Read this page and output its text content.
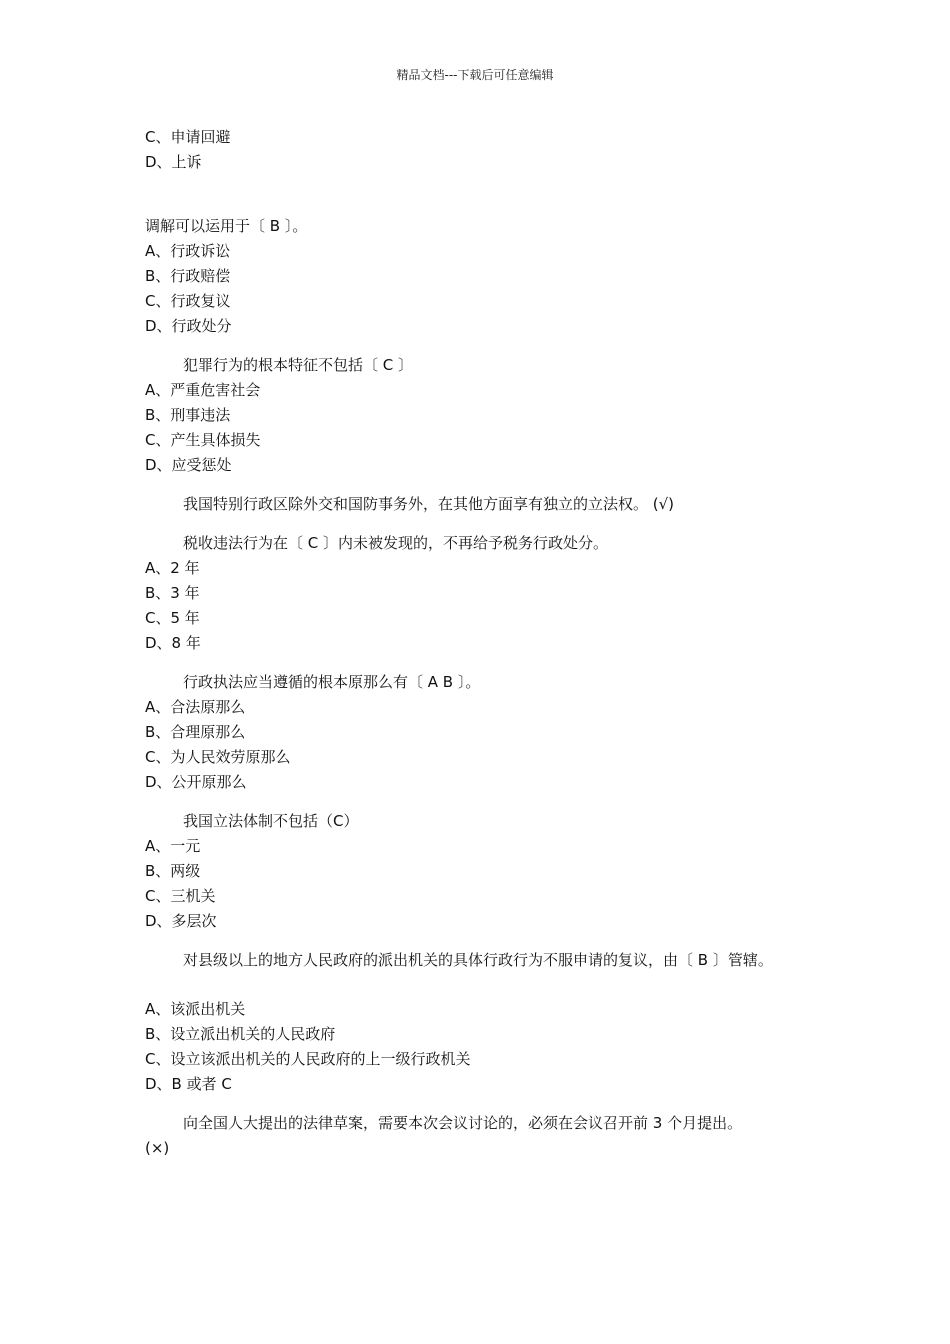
精品文档---下载后可任意编辑
C、申请回避
D、上诉
调解可以运用于〔 B 〕。
A、行政诉讼
B、行政赔偿
C、行政复议
D、行政处分
犯罪行为的根本特征不包括〔 C 〕
A、严重危害社会
B、刑事违法
C、产生具体损失
D、应受惩处
我国特别行政区除外交和国防事务外，在其他方面享有独立的立法权。 (√)
税收违法行为在〔 C 〕内未被发现的，不再给予税务行政处分。
A、2 年
B、3 年
C、5 年
D、8 年
行政执法应当遵循的根本原那么有〔 A B 〕。
A、合法原那么
B、合理原那么
C、为人民效劳原那么
D、公开原那么
我国立法体制不包括（C）
A、一元
B、两级
C、三机关
D、多层次
对县级以上的地方人民政府的派出机关的具体行政行为不服申请的复议，由〔 B 〕管辖。
A、该派出机关
B、设立派出机关的人民政府
C、设立该派出机关的人民政府的上一级行政机关
D、B 或者 C
向全国人大提出的法律草案，需要本次会议讨论的，必须在会议召开前 3 个月提出。
(×)
